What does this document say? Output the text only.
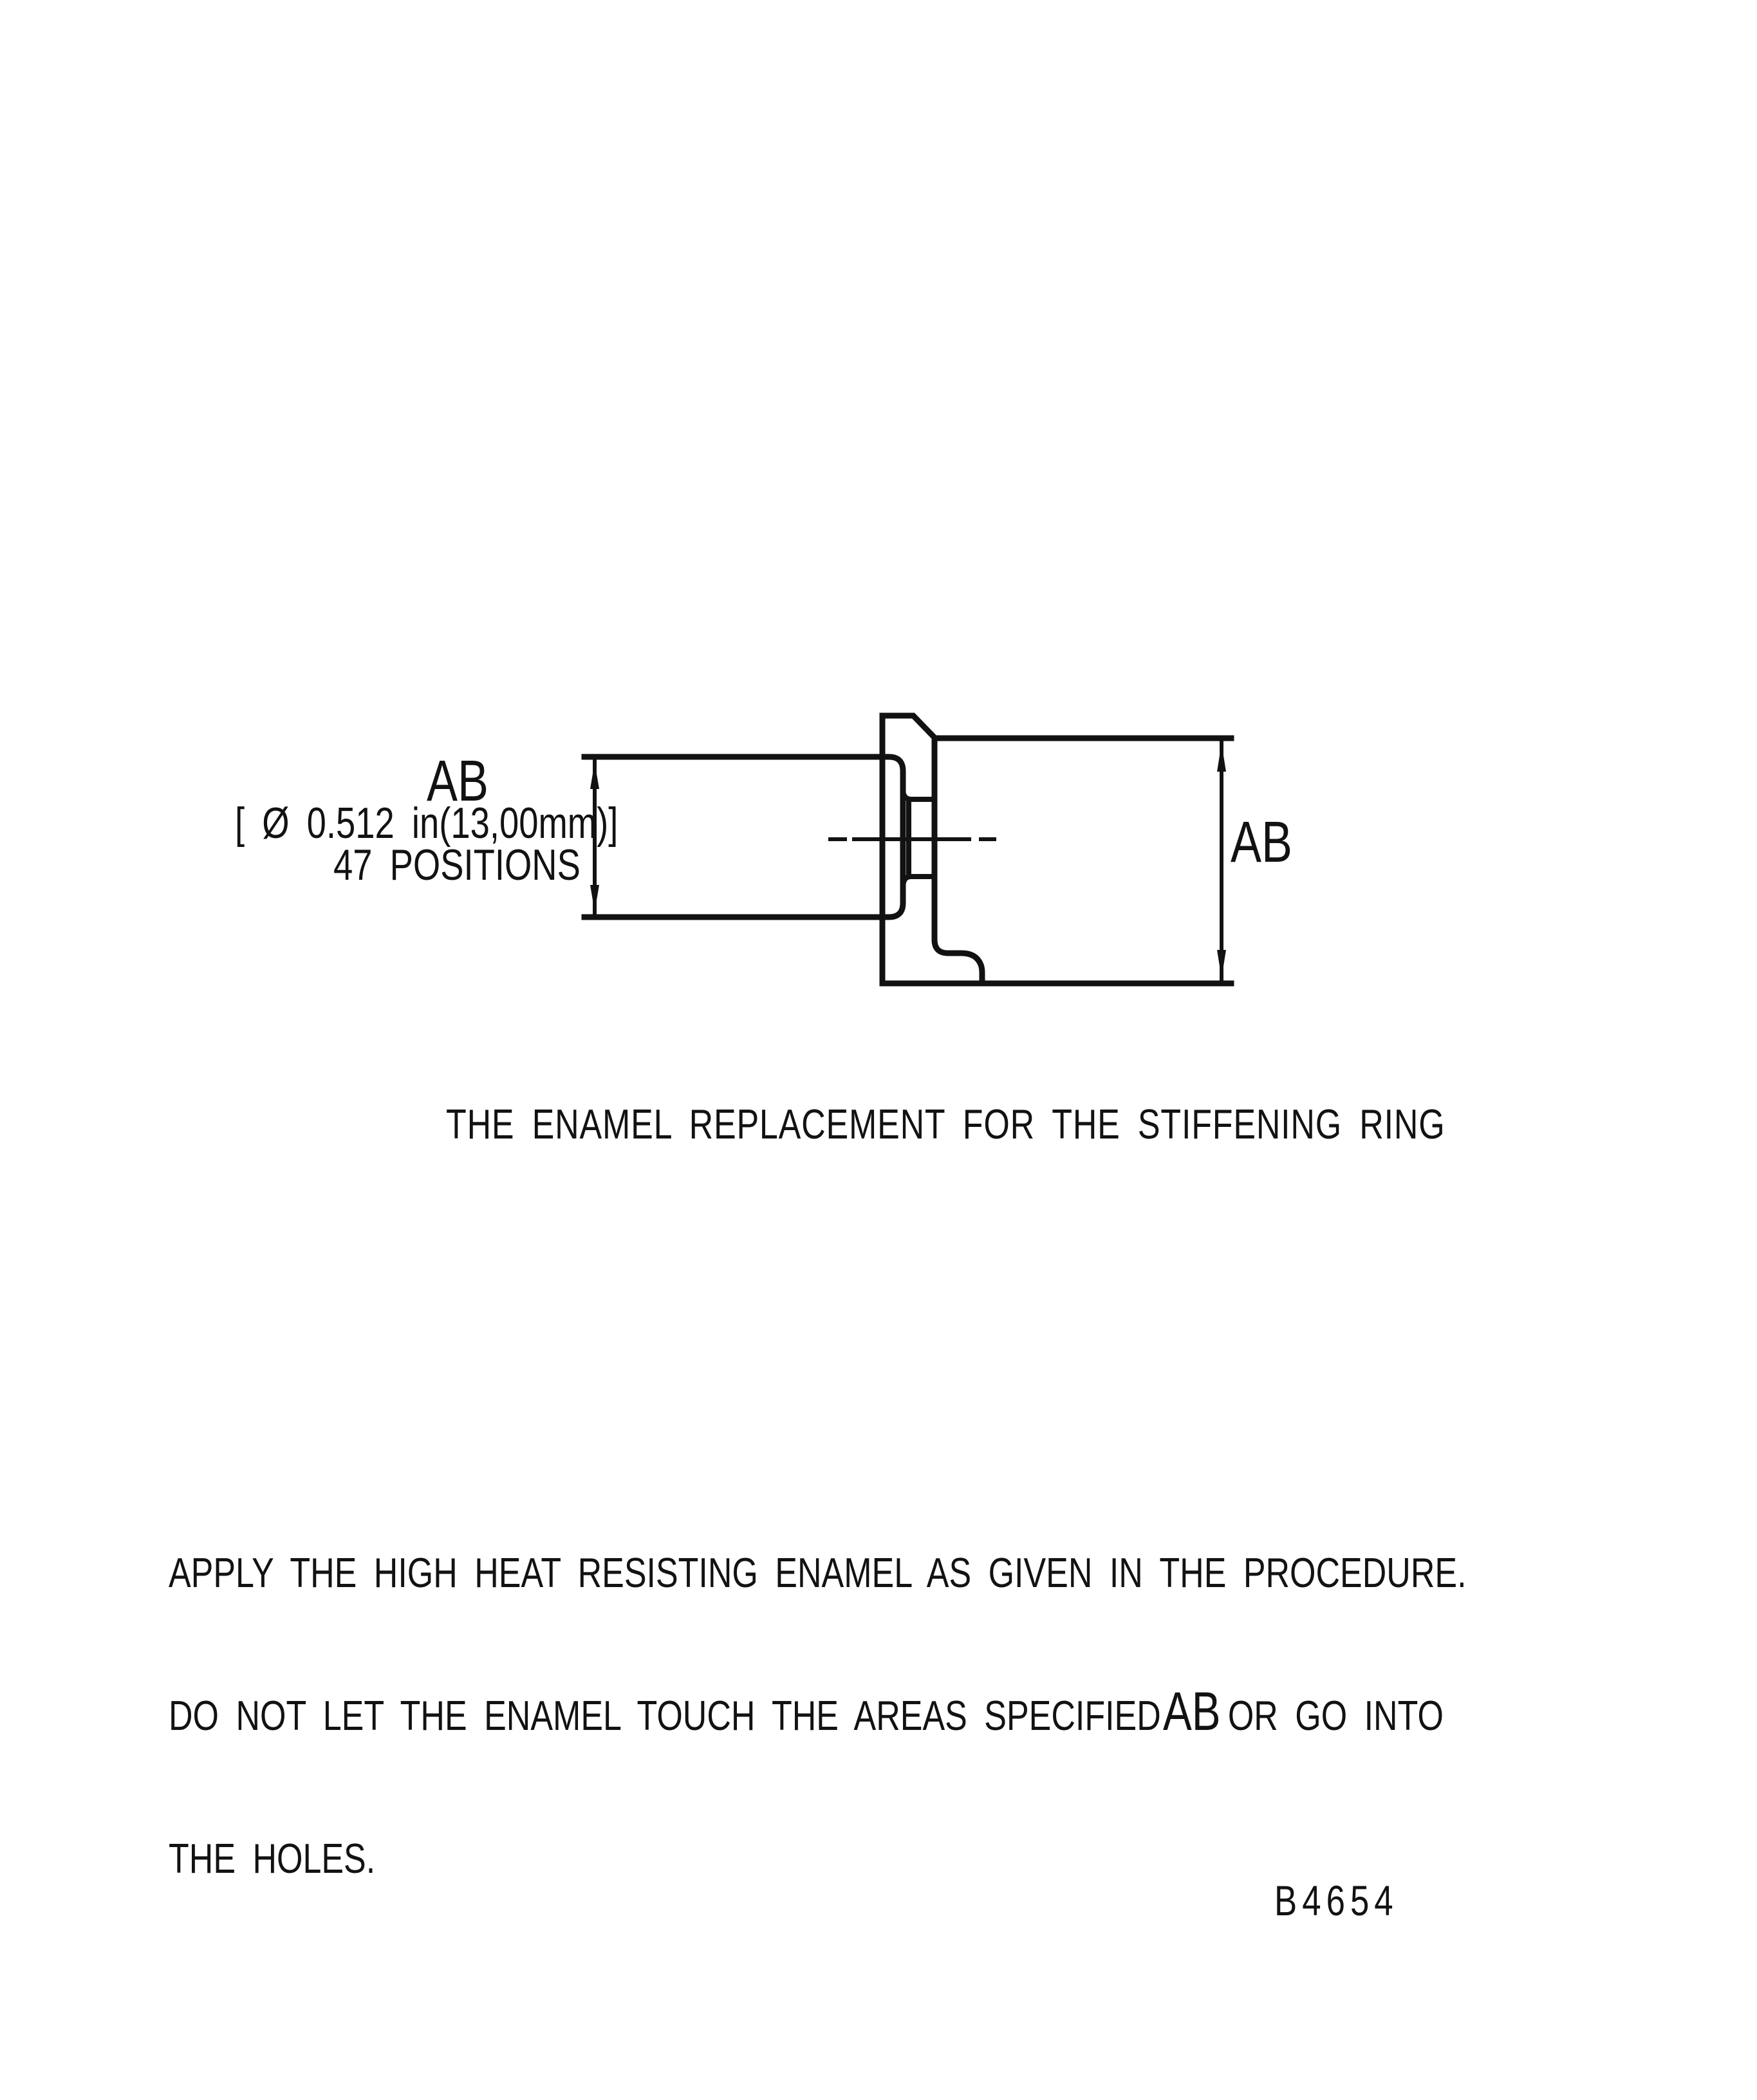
AB
[ Ø 0.512 in(13,00mm)]
47 POSITIONS	AB
THE ENAMEL REPLACEMENT FOR THE STIFFENING RING

APPLY THE HIGH HEAT RESISTING ENAMEL AS GIVEN IN THE PROCEDURE.

DO NOT LET THE ENAMEL TOUCH THE AREAS SPECIFIEDAB OR GO INTO

THE HOLES.

B4654
